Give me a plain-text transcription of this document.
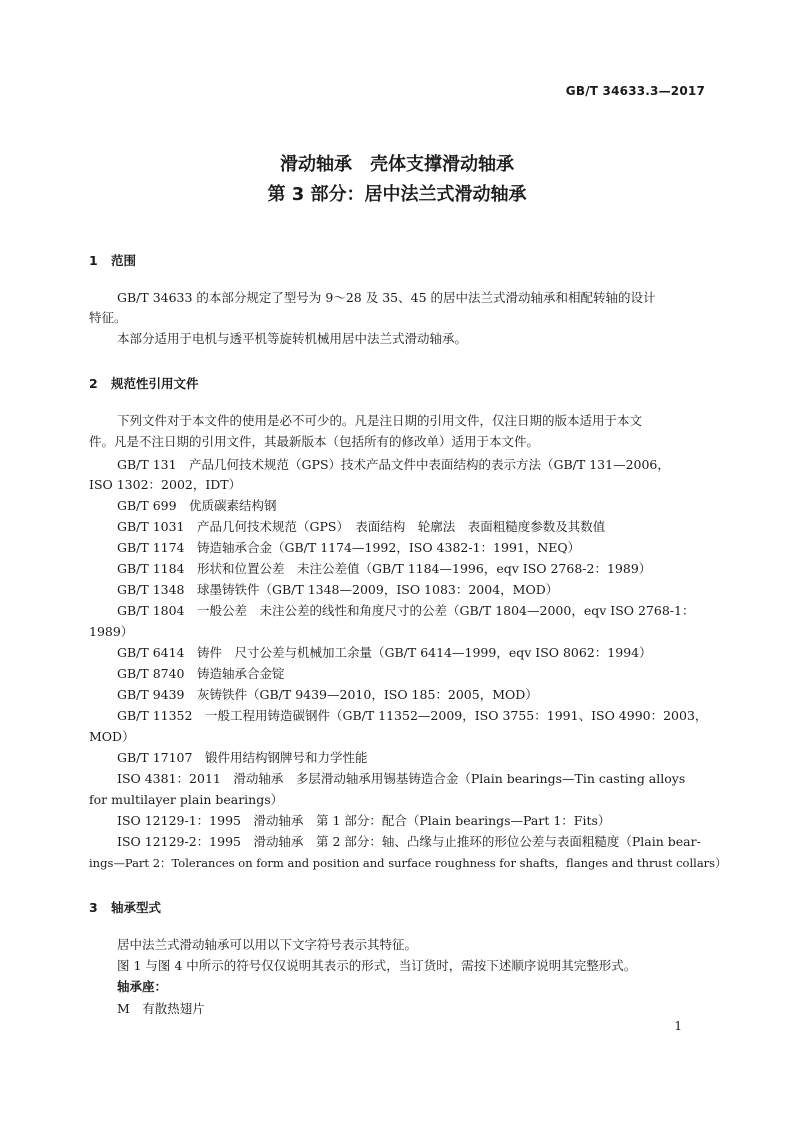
GB/T 34633.3—2017
滑动轴承 壳体支撑滑动轴承
第 3 部分：居中法兰式滑动轴承
1 范围
GB/T 34633 的本部分规定了型号为 9～28 及 35、45 的居中法兰式滑动轴承和相配转轴的设计
特征。
本部分适用于电机与透平机等旋转机械用居中法兰式滑动轴承。
2 规范性引用文件
下列文件对于本文件的使用是必不可少的。凡是注日期的引用文件，仅注日期的版本适用于本文
件。凡是不注日期的引用文件，其最新版本（包括所有的修改单）适用于本文件。
GB/T 131　产品几何技术规范（GPS）技术产品文件中表面结构的表示方法（GB/T 131—2006，
ISO 1302：2002，IDT）
GB/T 699　优质碳素结构钢
GB/T 1031　产品几何技术规范（GPS）　表面结构　轮廓法　表面粗糙度参数及其数值
GB/T 1174　铸造轴承合金（GB/T 1174—1992，ISO 4382-1：1991，NEQ）
GB/T 1184　形状和位置公差　未注公差值（GB/T 1184—1996，eqv ISO 2768-2：1989）
GB/T 1348　球墨铸铁件（GB/T 1348—2009，ISO 1083：2004，MOD）
GB/T 1804　一般公差　未注公差的线性和角度尺寸的公差（GB/T 1804—2000，eqv ISO 2768-1：
1989）
GB/T 6414　铸件　尺寸公差与机械加工余量（GB/T 6414—1999，eqv ISO 8062：1994）
GB/T 8740　铸造轴承合金锭
GB/T 9439　灰铸铁件（GB/T 9439—2010，ISO 185：2005，MOD）
GB/T 11352　一般工程用铸造碳钢件（GB/T 11352—2009，ISO 3755：1991、ISO 4990：2003，
MOD）
GB/T 17107　锻件用结构钢牌号和力学性能
ISO 4381：2011　滑动轴承　多层滑动轴承用锡基铸造合金（Plain bearings—Tin casting alloys
for multilayer plain bearings）
ISO 12129-1：1995　滑动轴承　第 1 部分：配合（Plain bearings—Part 1：Fits）
ISO 12129-2：1995　滑动轴承　第 2 部分：轴、凸缘与止推环的形位公差与表面粗糙度（Plain bear-
ings—Part 2：Tolerances on form and position and surface roughness for shafts，flanges and thrust collars）
3 轴承型式
居中法兰式滑动轴承可以用以下文字符号表示其特征。
图 1 与图 4 中所示的符号仅仅说明其表示的形式，当订货时，需按下述顺序说明其完整形式。
轴承座：
M　有散热翅片
1
